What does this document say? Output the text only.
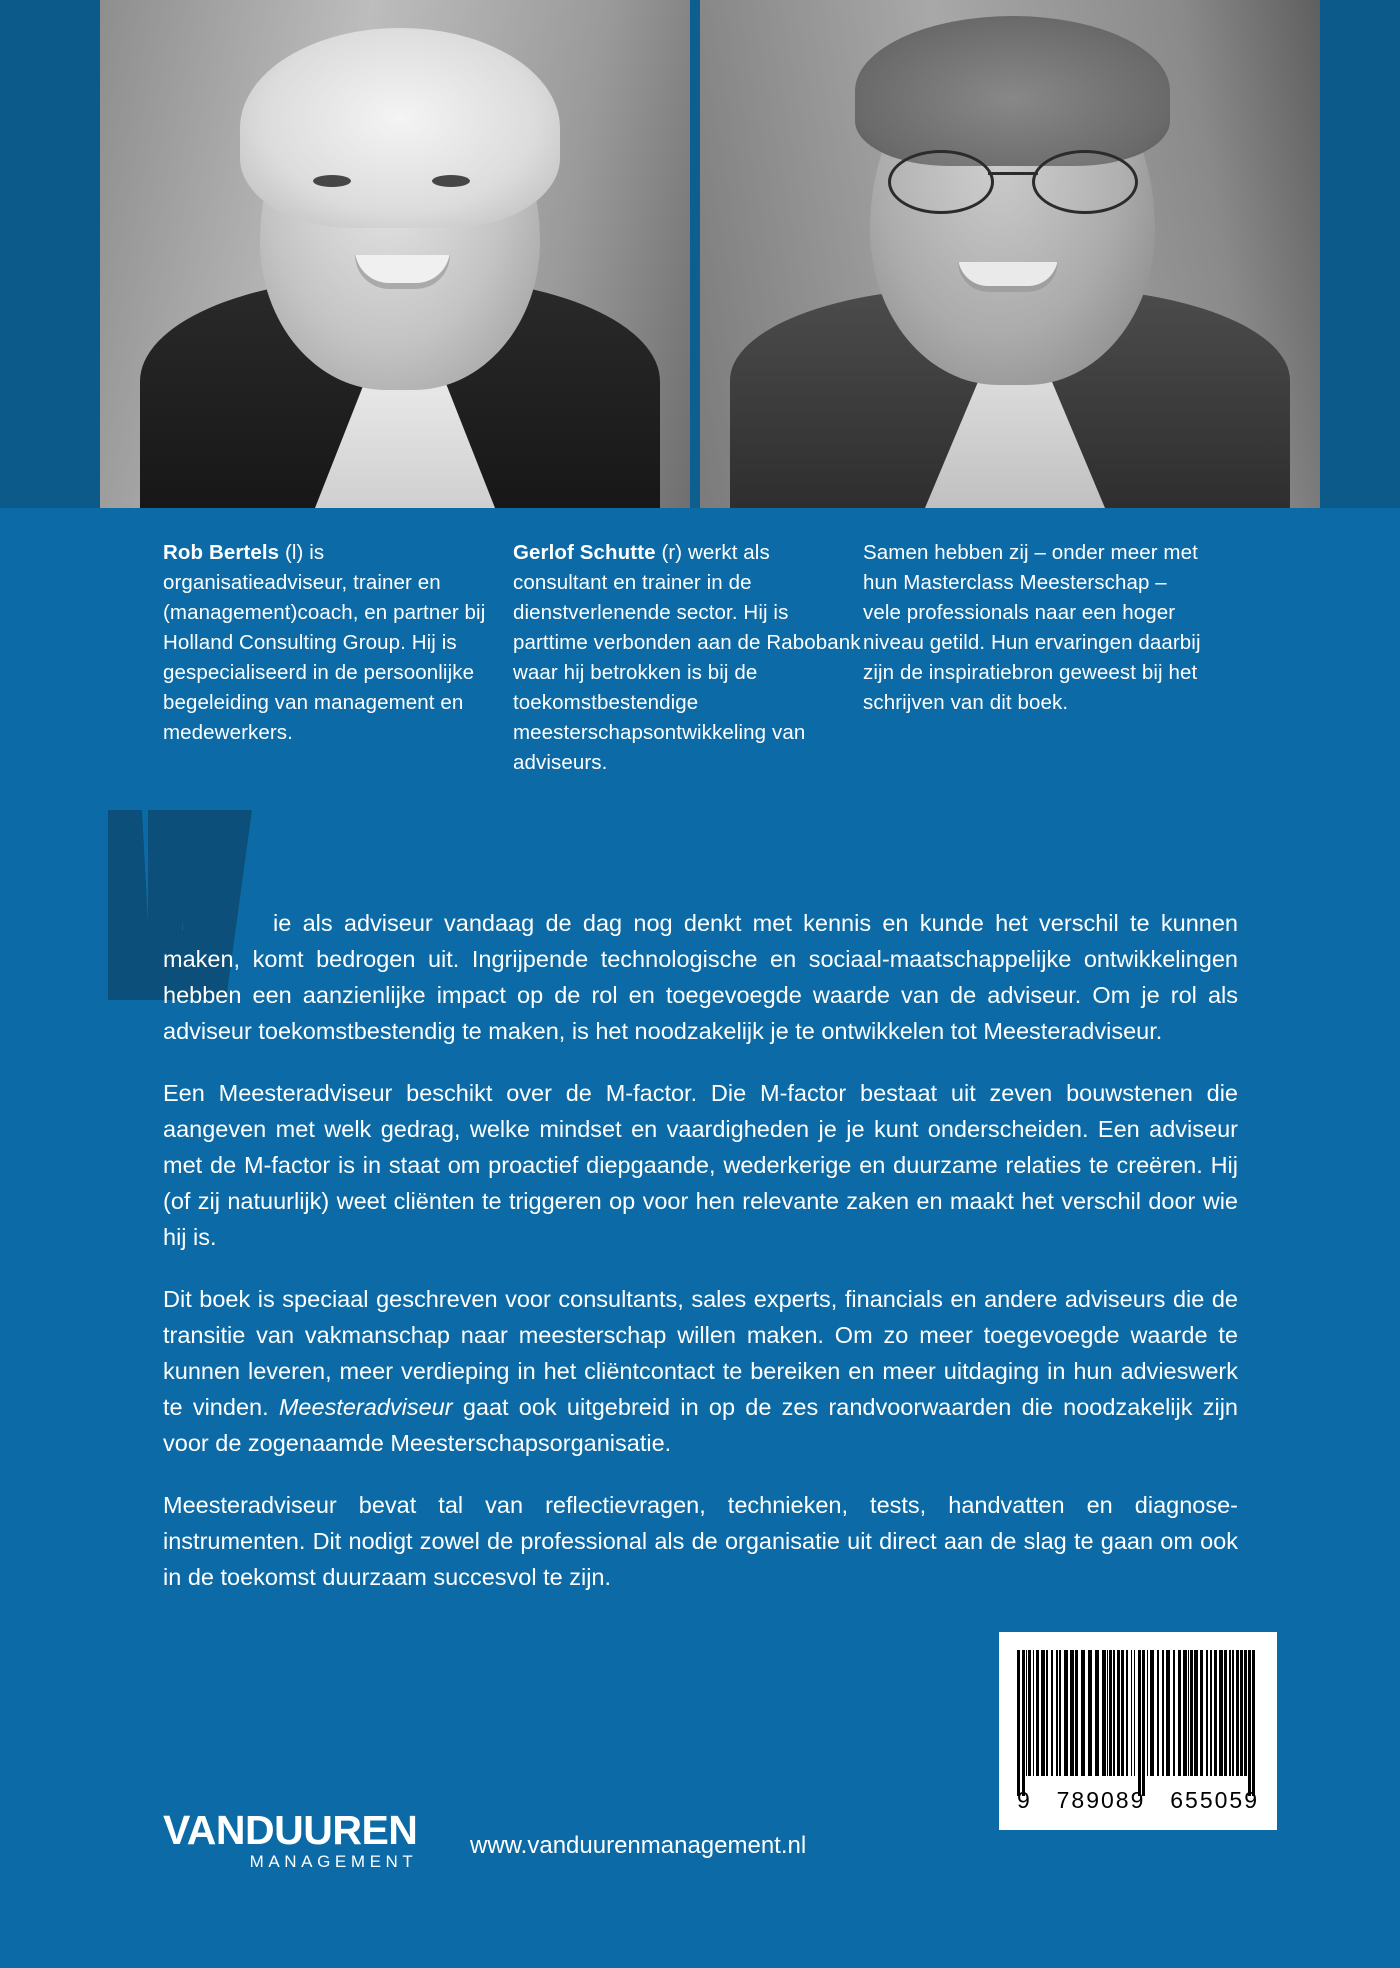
Rob Bertels (l) is organisatieadviseur, trainer en (management)coach, en partner bij Holland Consulting Group. Hij is gespecialiseerd in de persoonlijke begeleiding van management en medewerkers.
Gerlof Schutte (r) werkt als consultant en trainer in de dienstverlenende sector. Hij is parttime verbonden aan de Rabobank waar hij betrokken is bij de toekomstbestendige meesterschapsontwikkeling van adviseurs.
Samen hebben zij – onder meer met hun Masterclass Meesterschap – vele professionals naar een hoger niveau getild. Hun ervaringen daarbij zijn de inspiratiebron geweest bij het schrijven van dit boek.

ie als adviseur vandaag de dag nog denkt met kennis en kunde het verschil te kunnen maken, komt bedrogen uit. Ingrijpende technologische en sociaal-maatschappelijke ontwikkelingen hebben een aanzienlijke impact op de rol en toegevoegde waarde van de adviseur. Om je rol als adviseur toekomstbestendig te maken, is het noodzakelijk je te ontwikkelen tot Meesteradviseur.

Een Meesteradviseur beschikt over de M-factor. Die M-factor bestaat uit zeven bouwstenen die aangeven met welk gedrag, welke mindset en vaardigheden je je kunt onderscheiden. Een adviseur met de M-factor is in staat om proactief diepgaande, wederkerige en duurzame relaties te creëren. Hij (of zij natuurlijk) weet cliënten te triggeren op voor hen relevante zaken en maakt het verschil door wie hij is.

Dit boek is speciaal geschreven voor consultants, sales experts, financials en andere adviseurs die de transitie van vakmanschap naar meesterschap willen maken. Om zo meer toegevoegde waarde te kunnen leveren, meer verdieping in het cliëntcontact te bereiken en meer uitdaging in hun advieswerk te vinden. Meesteradviseur gaat ook uitgebreid in op de zes randvoorwaarden die noodzakelijk zijn voor de zogenaamde Meesterschapsorganisatie.

Meesteradviseur bevat tal van reflectievragen, technieken, tests, handvatten en diagnose-instrumenten. Dit nodigt zowel de professional als de organisatie uit direct aan de slag te gaan om ook in de toekomst duurzaam succesvol te zijn.

9 789089 655059
VANDUUREN
MANAGEMENT
www.vanduurenmanagement.nl
